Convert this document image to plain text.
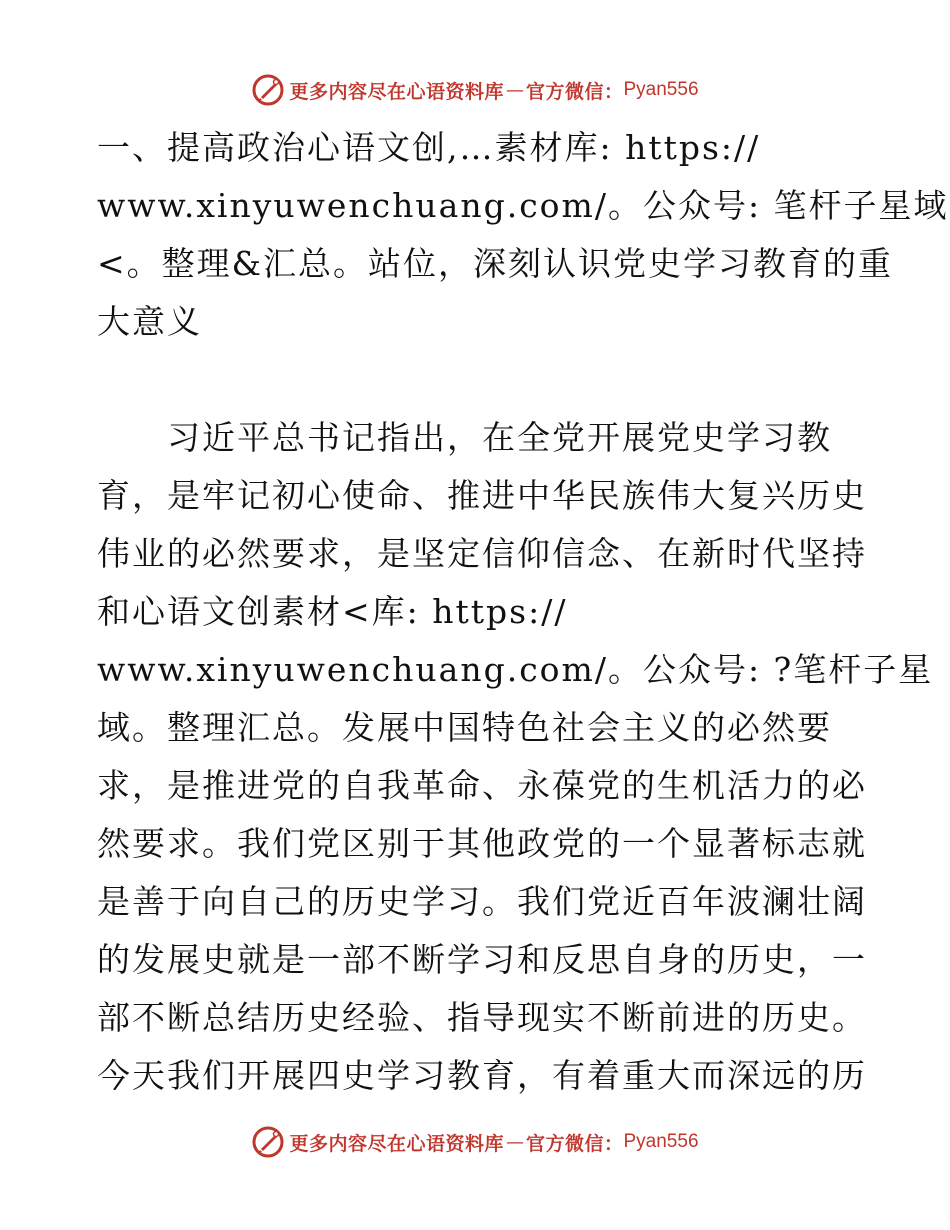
更多内容尽在心语资料库 — 官方微信： Pyan556
一、提高政治心语文创,…素材库: https://
www.xinyuwenchuang.com/。公众号: 笔杆子星域
<。整理&汇总。站位，深刻认识党史学习教育的重
大意义
　　习近平总书记指出，在全党开展党史学习教
育，是牢记初心使命、推进中华民族伟大复兴历史
伟业的必然要求，是坚定信仰信念、在新时代坚持
和心语文创素材<库: https://
www.xinyuwenchuang.com/。公众号: ?笔杆子星
域。整理汇总。发展中国特色社会主义的必然要
求，是推进党的自我革命、永葆党的生机活力的必
然要求。我们党区别于其他政党的一个显著标志就
是善于向自己的历史学习。我们党近百年波澜壮阔
的发展史就是一部不断学习和反思自身的历史，一
部不断总结历史经验、指导现实不断前进的历史。
今天我们开展四史学习教育，有着重大而深远的历
更多内容尽在心语资料库 — 官方微信： Pyan556
